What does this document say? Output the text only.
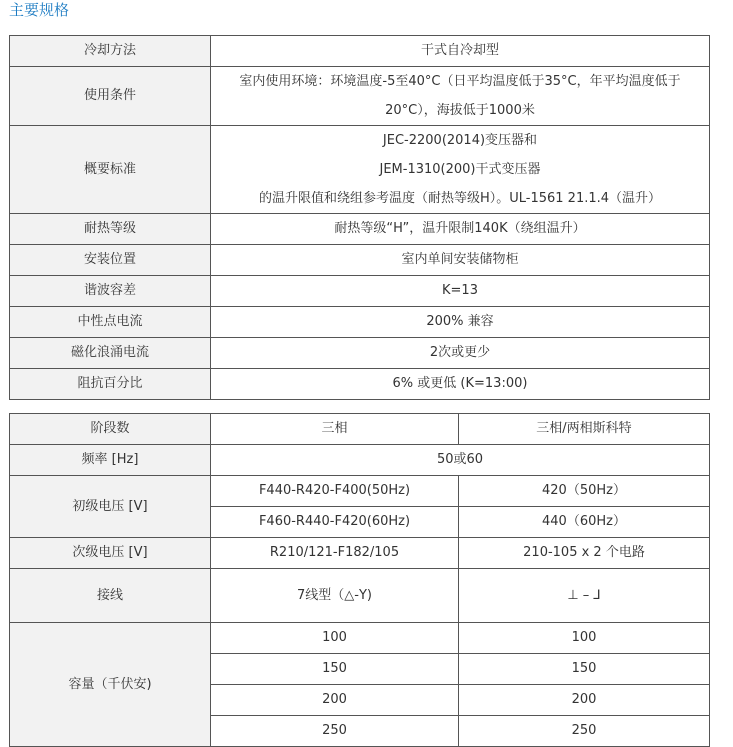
主要规格
冷却方法	干式自冷却型

使用条件	室内使用环境：环境温度-5至40°C（日平均温度低于35°C，年平均温度低于
20°C），海拔低于1000米

概要标准	JEC-2200(2014)变压器和
JEM-1310(200)干式变压器
的温升限值和绕组参考温度（耐热等级H）。UL-1561 21.1.4（温升）

耐热等级	耐热等级“H”，温升限制140K（绕组温升）

安装位置	室内单间安装储物柜

谐波容差	K=13

中性点电流	200% 兼容

磁化浪涌电流	2次或更少

阻抗百分比	6% 或更低 (K=13:00)
阶段数	三相	三相/两相斯科特
频率 [Hz]	50或60	
初级电压 [V]	F440-R420-F400(50Hz)	420（50Hz）
	F460-R440-F420(60Hz)	440（60Hz）
次级电压 [V]	R210/121-F182/105	210-105 x 2 个电路
接线	7线型（△-Y)	⊥ – ⅃
容量（千伏安)	100	100
	150	150
	200	200
	250	250
